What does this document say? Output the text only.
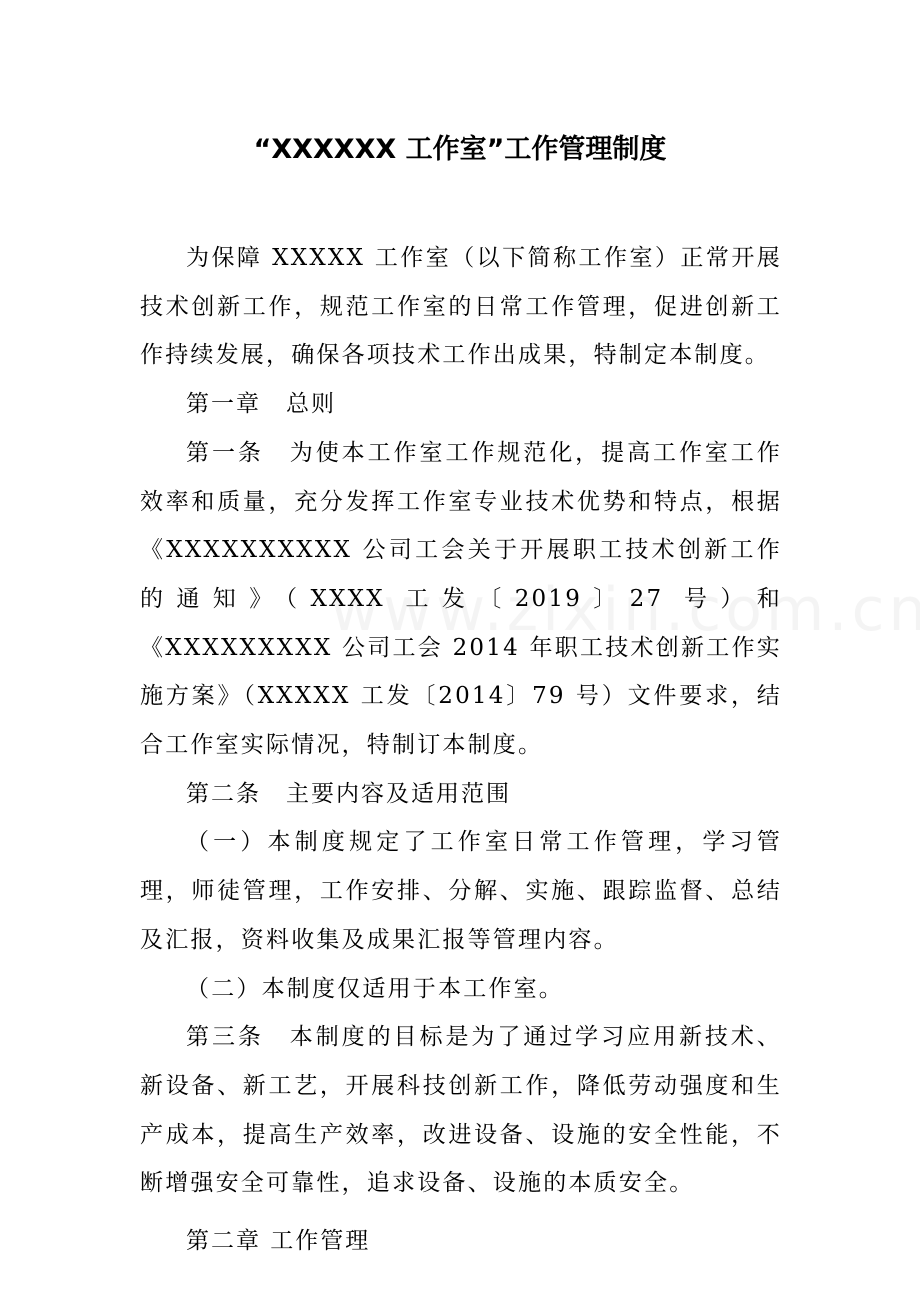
“XXXXXX 工作室”工作管理制度

为保障 XXXXX 工作室（以下简称工作室）正常开展技术创新工作，规范工作室的日常工作管理，促进创新工作持续发展，确保各项技术工作出成果，特制定本制度。

第一章　总则

第一条　为使本工作室工作规范化，提高工作室工作效率和质量，充分发挥工作室专业技术优势和特点，根据《XXXXXXXXXX 公司工会关于开展职工技术创新工作的通知》（XXXX 工发〔2019〕27 号）和《XXXXXXXXX 公司工会 2014 年职工技术创新工作实施方案》（XXXXX 工发〔2014〕79 号）文件要求，结合工作室实际情况，特制订本制度。

第二条　主要内容及适用范围

（一）本制度规定了工作室日常工作管理，学习管理，师徒管理，工作安排、分解、实施、跟踪监督、总结及汇报，资料收集及成果汇报等管理内容。

（二）本制度仅适用于本工作室。

第三条　本制度的目标是为了通过学习应用新技术、新设备、新工艺，开展科技创新工作，降低劳动强度和生产成本，提高生产效率，改进设备、设施的安全性能，不断增强安全可靠性，追求设备、设施的本质安全。

第二章 工作管理
